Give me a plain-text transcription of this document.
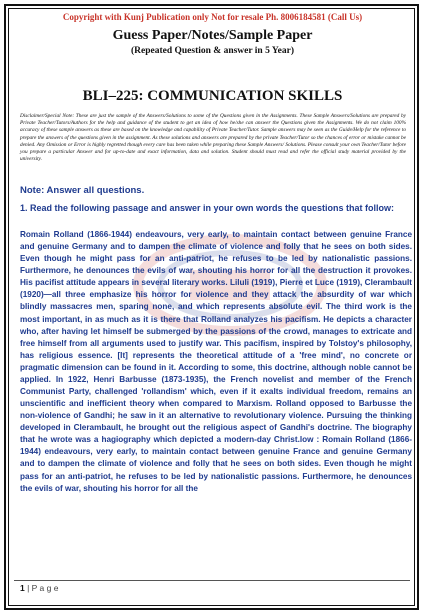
Copyright with Kunj Publication only Not for resale Ph. 8006184581 (Call Us)
Guess Paper/Notes/Sample Paper
(Repeated Question & answer in 5 Year)
BLI–225: COMMUNICATION SKILLS
Disclaimer/Special Note: These are just the sample of the Answers/Solutions to some of the Questions given in the Assignments. These Sample Answers/Solutions are prepared by Private Teacher/Tutors/Authors for the help and guidance of the student to get an idea of how he/she can answer the Questions given the Assignments. We do not claim 100% accuracy of these sample answers as these are based on the knowledge and capability of Private Teacher/Tutor. Sample answers may be seen as the Guide/Help for the reference to prepare the answers of the questions given in the assignment. As these solutions and answers are prepared by the private Teacher/Tutor so the chances of error or mistake cannot be denied. Any Omission or Error is highly regretted though every care has been taken while preparing these Sample Answers/ Solutions. Please consult your own Teacher/Tutor before you prepare a particular Answer and for up-to-date and exact information, data and solution. Student should must read and refer the official study material provided by the university.
Note: Answer all questions.
1. Read the following passage and answer in your own words the questions that follow:
Romain Rolland (1866-1944) endeavours, very early, to maintain contact between genuine France and genuine Germany and to dampen the climate of violence and folly that he sees on both sides. Even though he might pass for an anti-patriot, he refuses to be led by nationalistic passions. Furthermore, he denounces the evils of war, shouting his horror for all the destruction it provokes. His pacifist attitude appears in several literary works. Liluli (1919), Pierre et Luce (1919), Clerambault (1920)—all three emphasize his horror for violence and they attack the absurdity of war which blindly massacres men, sparing none, and which represents absolute evil. The third work is the most important, in as much as it is there that Rolland analyzes his pacifism. He depicts a character who, after having let himself be submerged by the passions of the crowd, manages to extricate and free himself from all arguments used to justify war. This pacifism, inspired by Tolstoy's philosophy, has religious essence. [It] represents the theoretical attitude of a 'free mind', no concrete or pragmatic dimension can be found in it. According to some, this doctrine, although noble cannot be applied. In 1922, Henri Barbusse (1873-1935), the French novelist and member of the French Communist Party, challenged 'rollandism' which, even if it exalts individual freedom, remains an unscientific and inefficient theory when compared to Marxism. Rolland opposed to Barbusse the non-violence of Gandhi; he saw in it an alternative to revolutionary violence. Pursuing the thinking developed in Clerambault, he brought out the religious aspect of Gandhi's doctrine. The biography that he wrote was a hagiography which depicted a modern-day Christ.low : Romain Rolland (1866-1944) endeavours, very early, to maintain contact between genuine France and genuine Germany and to dampen the climate of violence and folly that he sees on both sides. Even though he might pass for an anti-patriot, he refuses to be led by nationalistic passions. Furthermore, he denounces the evils of war, shouting his horror for all the
1 | P a g e
